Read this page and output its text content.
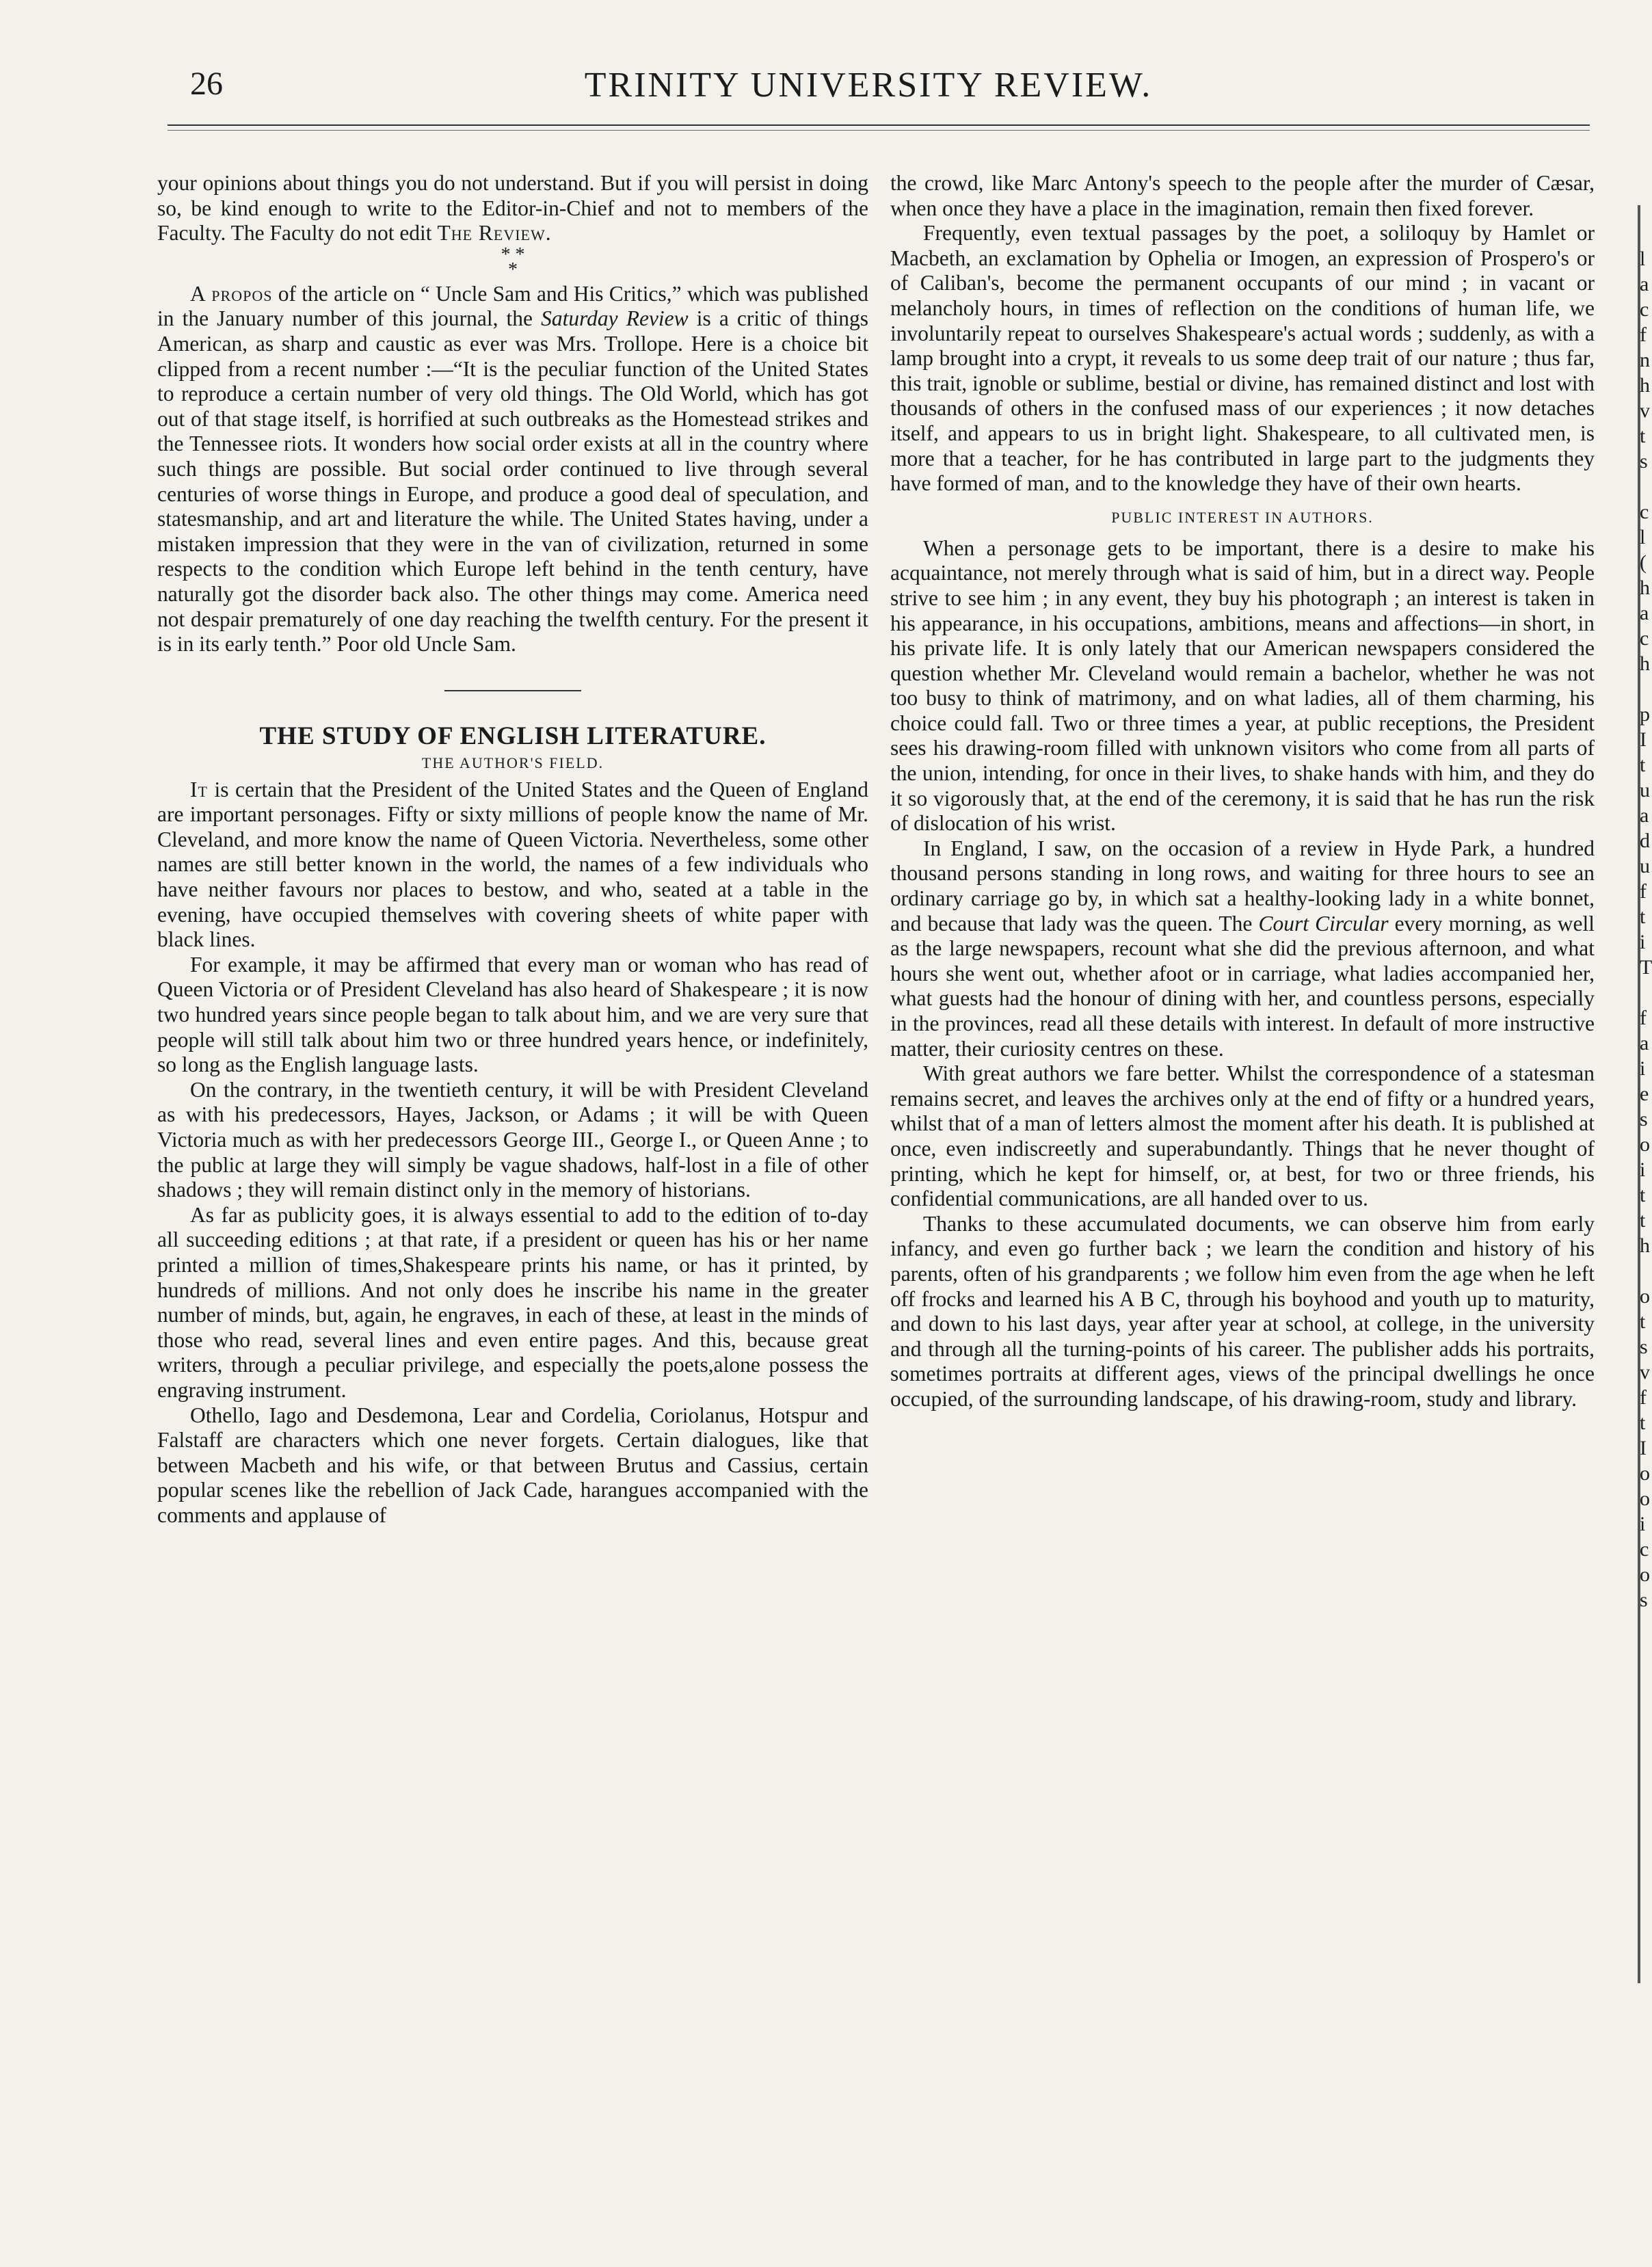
26	TRINITY UNIVERSITY REVIEW.

your opinions about things you do not understand. But if you will persist in doing so, be kind enough to write to the Editor-in-Chief and not to members of the Faculty. The Faculty do not edit The Review.

* *
*

A propos of the article on “ Uncle Sam and His Critics,” which was published in the January number of this journal, the Saturday Review is a critic of things American, as sharp and caustic as ever was Mrs. Trollope. Here is a choice bit clipped from a recent number :—“It is the peculiar function of the United States to reproduce a certain number of very old things. The Old World, which has got out of that stage itself, is horrified at such outbreaks as the Homestead strikes and the Tennessee riots. It wonders how social order exists at all in the country where such things are possible. But social order continued to live through several centuries of worse things in Europe, and produce a good deal of speculation, and statesmanship, and art and literature the while. The United States having, under a mistaken impression that they were in the van of civilization, returned in some respects to the condition which Europe left behind in the tenth century, have naturally got the disorder back also. The other things may come. America need not despair prematurely of one day reaching the twelfth century. For the present it is in its early tenth.” Poor old Uncle Sam.

THE STUDY OF ENGLISH LITERATURE.
THE AUTHOR'S FIELD.

It is certain that the President of the United States and the Queen of England are important personages. Fifty or sixty millions of people know the name of Mr. Cleveland, and more know the name of Queen Victoria. Nevertheless, some other names are still better known in the world, the names of a few individuals who have neither favours nor places to bestow, and who, seated at a table in the evening, have occupied themselves with covering sheets of white paper with black lines.

For example, it may be affirmed that every man or woman who has read of Queen Victoria or of President Cleveland has also heard of Shakespeare ; it is now two hundred years since people began to talk about him, and we are very sure that people will still talk about him two or three hundred years hence, or indefinitely, so long as the English language lasts.

On the contrary, in the twentieth century, it will be with President Cleveland as with his predecessors, Hayes, Jackson, or Adams ; it will be with Queen Victoria much as with her predecessors George III., George I., or Queen Anne ; to the public at large they will simply be vague shadows, half-lost in a file of other shadows ; they will remain distinct only in the memory of historians.

As far as publicity goes, it is always essential to add to the edition of to-day all succeeding editions ; at that rate, if a president or queen has his or her name printed a million of times,Shakespeare prints his name, or has it printed, by hundreds of millions. And not only does he inscribe his name in the greater number of minds, but, again, he engraves, in each of these, at least in the minds of those who read, several lines and even entire pages. And this, because great writers, through a peculiar privilege, and especially the poets,alone possess the engraving instrument.

Othello, Iago and Desdemona, Lear and Cordelia, Coriolanus, Hotspur and Falstaff are characters which one never forgets. Certain dialogues, like that between Macbeth and his wife, or that between Brutus and Cassius, certain popular scenes like the rebellion of Jack Cade, harangues accompanied with the comments and applause of

the crowd, like Marc Antony's speech to the people after the murder of Cæsar, when once they have a place in the imagination, remain then fixed forever.

Frequently, even textual passages by the poet, a soliloquy by Hamlet or Macbeth, an exclamation by Ophelia or Imogen, an expression of Prospero's or of Caliban's, become the permanent occupants of our mind ; in vacant or melancholy hours, in times of reflection on the conditions of human life, we involuntarily repeat to ourselves Shakespeare's actual words ; suddenly, as with a lamp brought into a crypt, it reveals to us some deep trait of our nature ; thus far, this trait, ignoble or sublime, bestial or divine, has remained distinct and lost with thousands of others in the confused mass of our experiences ; it now detaches itself, and appears to us in bright light. Shakespeare, to all cultivated men, is more that a teacher, for he has contributed in large part to the judgments they have formed of man, and to the knowledge they have of their own hearts.

PUBLIC INTEREST IN AUTHORS.

When a personage gets to be important, there is a desire to make his acquaintance, not merely through what is said of him, but in a direct way. People strive to see him ; in any event, they buy his photograph ; an interest is taken in his appearance, in his occupations, ambitions, means and affections—in short, in his private life. It is only lately that our American newspapers considered the question whether Mr. Cleveland would remain a bachelor, whether he was not too busy to think of matrimony, and on what ladies, all of them charming, his choice could fall. Two or three times a year, at public receptions, the President sees his drawing-room filled with unknown visitors who come from all parts of the union, intending, for once in their lives, to shake hands with him, and they do it so vigorously that, at the end of the ceremony, it is said that he has run the risk of dislocation of his wrist.

In England, I saw, on the occasion of a review in Hyde Park, a hundred thousand persons standing in long rows, and waiting for three hours to see an ordinary carriage go by, in which sat a healthy-looking lady in a white bonnet, and because that lady was the queen. The Court Circular every morning, as well as the large newspapers, recount what she did the previous afternoon, and what hours she went out, whether afoot or in carriage, what ladies accompanied her, what guests had the honour of dining with her, and countless persons, especially in the provinces, read all these details with interest. In default of more instructive matter, their curiosity centres on these.

With great authors we fare better. Whilst the correspondence of a statesman remains secret, and leaves the archives only at the end of fifty or a hundred years, whilst that of a man of letters almost the moment after his death. It is published at once, even indiscreetly and superabundantly. Things that he never thought of printing, which he kept for himself, or, at best, for two or three friends, his confidential communications, are all handed over to us.

Thanks to these accumulated documents, we can observe him from early infancy, and even go further back ; we learn the condition and history of his parents, often of his grandparents ; we follow him even from the age when he left off frocks and learned his A B C, through his boyhood and youth up to maturity, and down to his last days, year after year at school, at college, in the university and through all the turning-points of his career. The publisher adds his portraits, sometimes portraits at different ages, views of the principal dwellings he once occupied, of the surrounding landscape, of his drawing-room, study and library.

l
a
c
f
n
h
v
t
s

c
l
(
h
a
c
h

p
I
t
u
a
d
u
f
t
i
T

f
a
i
e
s
o
i
t
t
h

o
t
s
v
f
t
I
o
o
i
c
o
s
